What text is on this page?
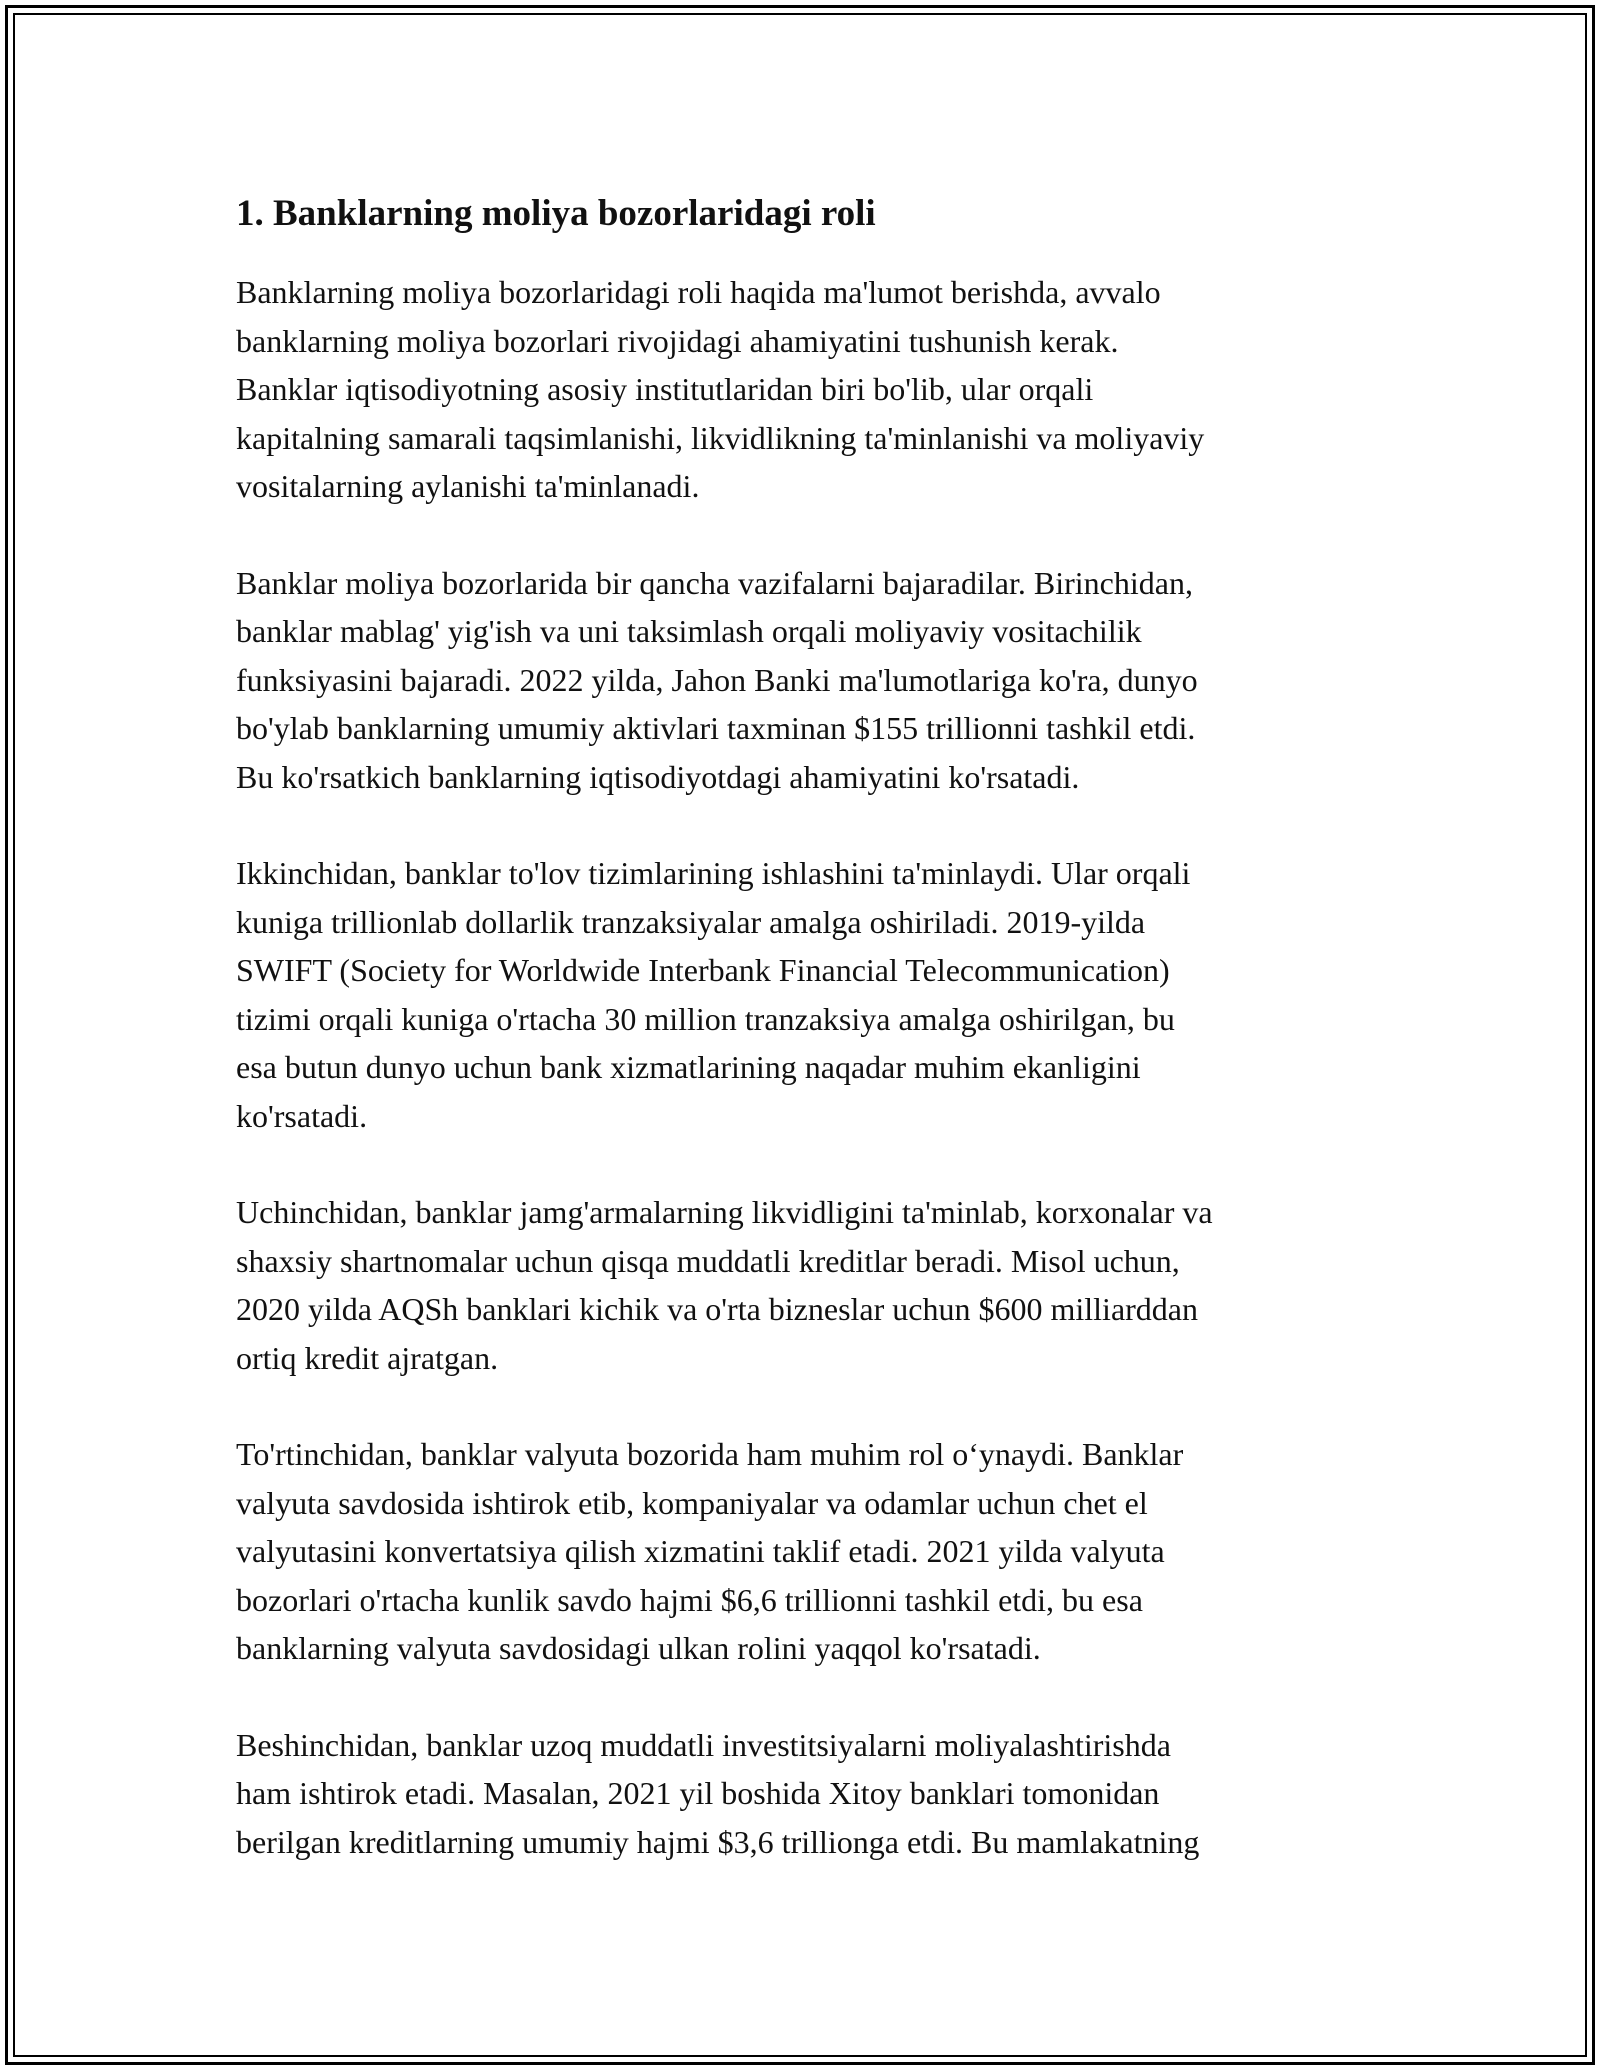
1. Banklarning moliya bozorlaridagi roli

Banklarning moliya bozorlaridagi roli haqida ma'lumot berishda, avvalo
banklarning moliya bozorlari rivojidagi ahamiyatini tushunish kerak.
Banklar iqtisodiyotning asosiy institutlaridan biri bo'lib, ular orqali
kapitalning samarali taqsimlanishi, likvidlikning ta'minlanishi va moliyaviy
vositalarning aylanishi ta'minlanadi.

Banklar moliya bozorlarida bir qancha vazifalarni bajaradilar. Birinchidan,
banklar mablag' yig'ish va uni taksimlash orqali moliyaviy vositachilik
funksiyasini bajaradi. 2022 yilda, Jahon Banki ma'lumotlariga ko'ra, dunyo
bo'ylab banklarning umumiy aktivlari taxminan $155 trillionni tashkil etdi.
Bu ko'rsatkich banklarning iqtisodiyotdagi ahamiyatini ko'rsatadi.

Ikkinchidan, banklar to'lov tizimlarining ishlashini ta'minlaydi. Ular orqali
kuniga trillionlab dollarlik tranzaksiyalar amalga oshiriladi. 2019-yilda
SWIFT (Society for Worldwide Interbank Financial Telecommunication)
tizimi orqali kuniga o'rtacha 30 million tranzaksiya amalga oshirilgan, bu
esa butun dunyo uchun bank xizmatlarining naqadar muhim ekanligini
ko'rsatadi.

Uchinchidan, banklar jamg'armalarning likvidligini ta'minlab, korxonalar va
shaxsiy shartnomalar uchun qisqa muddatli kreditlar beradi. Misol uchun,
2020 yilda AQSh banklari kichik va o'rta bizneslar uchun $600 milliarddan
ortiq kredit ajratgan.

To'rtinchidan, banklar valyuta bozorida ham muhim rol o‘ynaydi. Banklar
valyuta savdosida ishtirok etib, kompaniyalar va odamlar uchun chet el
valyutasini konvertatsiya qilish xizmatini taklif etadi. 2021 yilda valyuta
bozorlari o'rtacha kunlik savdo hajmi $6,6 trillionni tashkil etdi, bu esa
banklarning valyuta savdosidagi ulkan rolini yaqqol ko'rsatadi.

Beshinchidan, banklar uzoq muddatli investitsiyalarni moliyalashtirishda
ham ishtirok etadi. Masalan, 2021 yil boshida Xitoy banklari tomonidan
berilgan kreditlarning umumiy hajmi $3,6 trillionga etdi. Bu mamlakatning
